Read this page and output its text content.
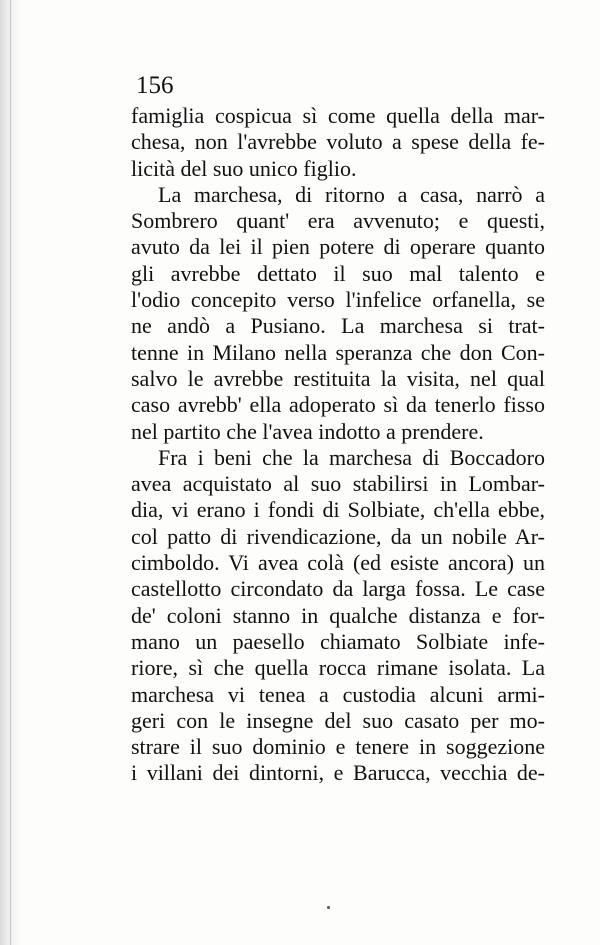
156
famiglia cospicua sì come quella della mar-
chesa, non l'avrebbe voluto a spese della fe-
licità del suo unico figlio.
La marchesa, di ritorno a casa, narrò a
Sombrero quant' era avvenuto; e questi,
avuto da lei il pien potere di operare quanto
gli avrebbe dettato il suo mal talento e
l'odio concepito verso l'infelice orfanella, se
ne andò a Pusiano. La marchesa si trat-
tenne in Milano nella speranza che don Con-
salvo le avrebbe restituita la visita, nel qual
caso avrebb' ella adoperato sì da tenerlo fisso
nel partito che l'avea indotto a prendere.
Fra i beni che la marchesa di Boccadoro
avea acquistato al suo stabilirsi in Lombar-
dia, vi erano i fondi di Solbiate, ch'ella ebbe,
col patto di rivendicazione, da un nobile Ar-
cimboldo. Vi avea colà (ed esiste ancora) un
castellotto circondato da larga fossa. Le case
de' coloni stanno in qualche distanza e for-
mano un paesello chiamato Solbiate infe-
riore, sì che quella rocca rimane isolata. La
marchesa vi tenea a custodia alcuni armi-
geri con le insegne del suo casato per mo-
strare il suo dominio e tenere in soggezione
i villani dei dintorni, e Barucca, vecchia de-
